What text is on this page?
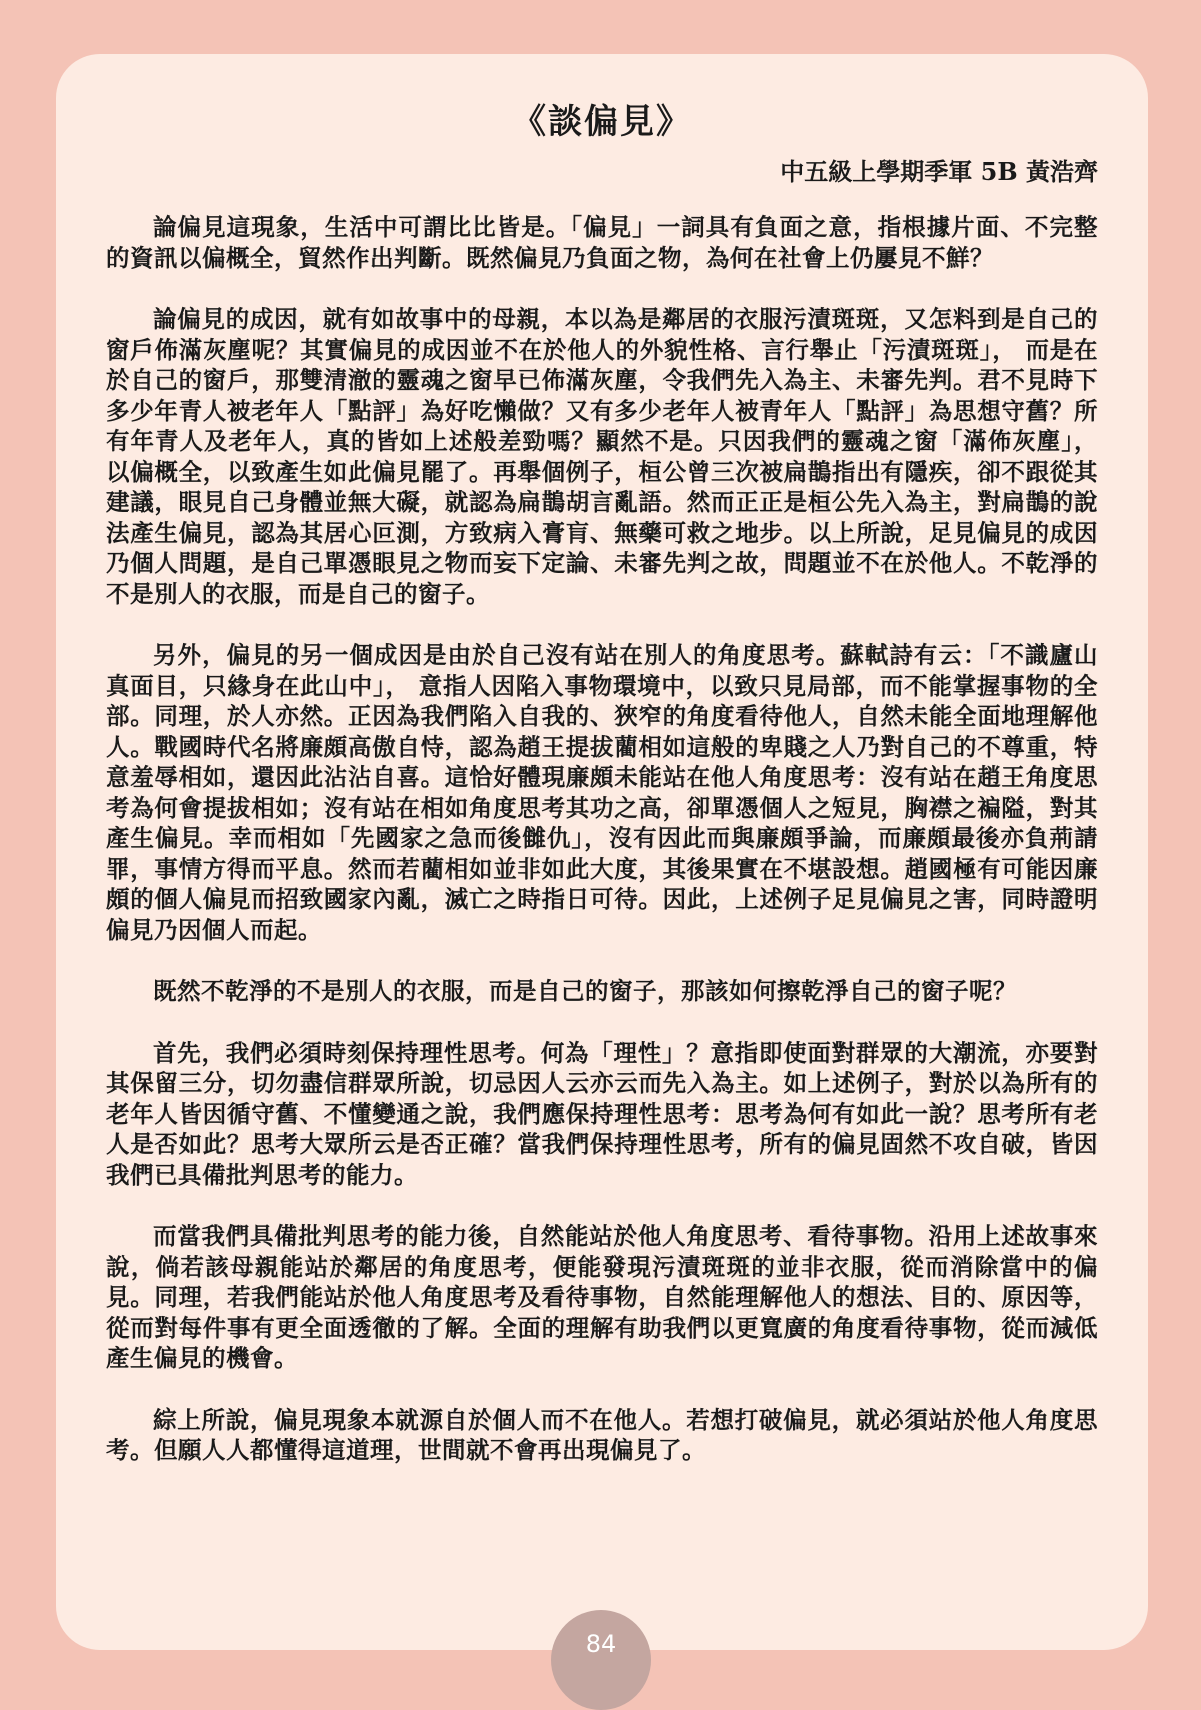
《談偏見》
中五級上學期季軍 5B 黃浩齊

論偏見這現象，生活中可謂比比皆是。「偏見」一詞具有負面之意，指根據片面、不完整的資訊以偏概全，貿然作出判斷。既然偏見乃負面之物，為何在社會上仍屢見不鮮？

論偏見的成因，就有如故事中的母親，本以為是鄰居的衣服污漬斑斑，又怎料到是自己的窗戶佈滿灰塵呢？其實偏見的成因並不在於他人的外貌性格、言行舉止「污漬斑斑」， 而是在於自己的窗戶，那雙清澈的靈魂之窗早已佈滿灰塵，令我們先入為主、未審先判。君不見時下多少年青人被老年人「點評」為好吃懶做？又有多少老年人被青年人「點評」為思想守舊？所有年青人及老年人，真的皆如上述般差勁嗎？顯然不是。只因我們的靈魂之窗「滿佈灰塵」，以偏概全，以致產生如此偏見罷了。再舉個例子，桓公曾三次被扁鵲指出有隱疾，卻不跟從其建議，眼見自己身體並無大礙，就認為扁鵲胡言亂語。然而正正是桓公先入為主，對扁鵲的說法產生偏見，認為其居心叵測，方致病入膏肓、無藥可救之地步。以上所說，足見偏見的成因乃個人問題，是自己單憑眼見之物而妄下定論、未審先判之故，問題並不在於他人。不乾淨的不是別人的衣服，而是自己的窗子。

另外，偏見的另一個成因是由於自己沒有站在別人的角度思考。蘇軾詩有云：「不識廬山真面目，只緣身在此山中」， 意指人因陷入事物環境中，以致只見局部，而不能掌握事物的全部。同理，於人亦然。正因為我們陷入自我的、狹窄的角度看待他人，自然未能全面地理解他人。戰國時代名將廉頗高傲自恃，認為趙王提拔藺相如這般的卑賤之人乃對自己的不尊重，特意羞辱相如，還因此沾沾自喜。這恰好體現廉頗未能站在他人角度思考：沒有站在趙王角度思考為何會提拔相如；沒有站在相如角度思考其功之高，卻單憑個人之短見，胸襟之褊隘，對其產生偏見。幸而相如「先國家之急而後雠仇」，沒有因此而與廉頗爭論，而廉頗最後亦負荊請罪，事情方得而平息。然而若藺相如並非如此大度，其後果實在不堪設想。趙國極有可能因廉頗的個人偏見而招致國家內亂，滅亡之時指日可待。因此，上述例子足見偏見之害，同時證明偏見乃因個人而起。

既然不乾淨的不是別人的衣服，而是自己的窗子，那該如何擦乾淨自己的窗子呢？

首先，我們必須時刻保持理性思考。何為「理性」？意指即使面對群眾的大潮流，亦要對其保留三分，切勿盡信群眾所說，切忌因人云亦云而先入為主。如上述例子，對於以為所有的老年人皆因循守舊、不懂變通之說，我們應保持理性思考：思考為何有如此一說？思考所有老人是否如此？思考大眾所云是否正確？當我們保持理性思考，所有的偏見固然不攻自破，皆因我們已具備批判思考的能力。

而當我們具備批判思考的能力後，自然能站於他人角度思考、看待事物。沿用上述故事來說，倘若該母親能站於鄰居的角度思考，便能發現污漬斑斑的並非衣服，從而消除當中的偏見。同理，若我們能站於他人角度思考及看待事物，自然能理解他人的想法、目的、原因等，從而對每件事有更全面透徹的了解。全面的理解有助我們以更寬廣的角度看待事物，從而減低產生偏見的機會。

綜上所說，偏見現象本就源自於個人而不在他人。若想打破偏見，就必須站於他人角度思考。但願人人都懂得這道理，世間就不會再出現偏見了。

84
